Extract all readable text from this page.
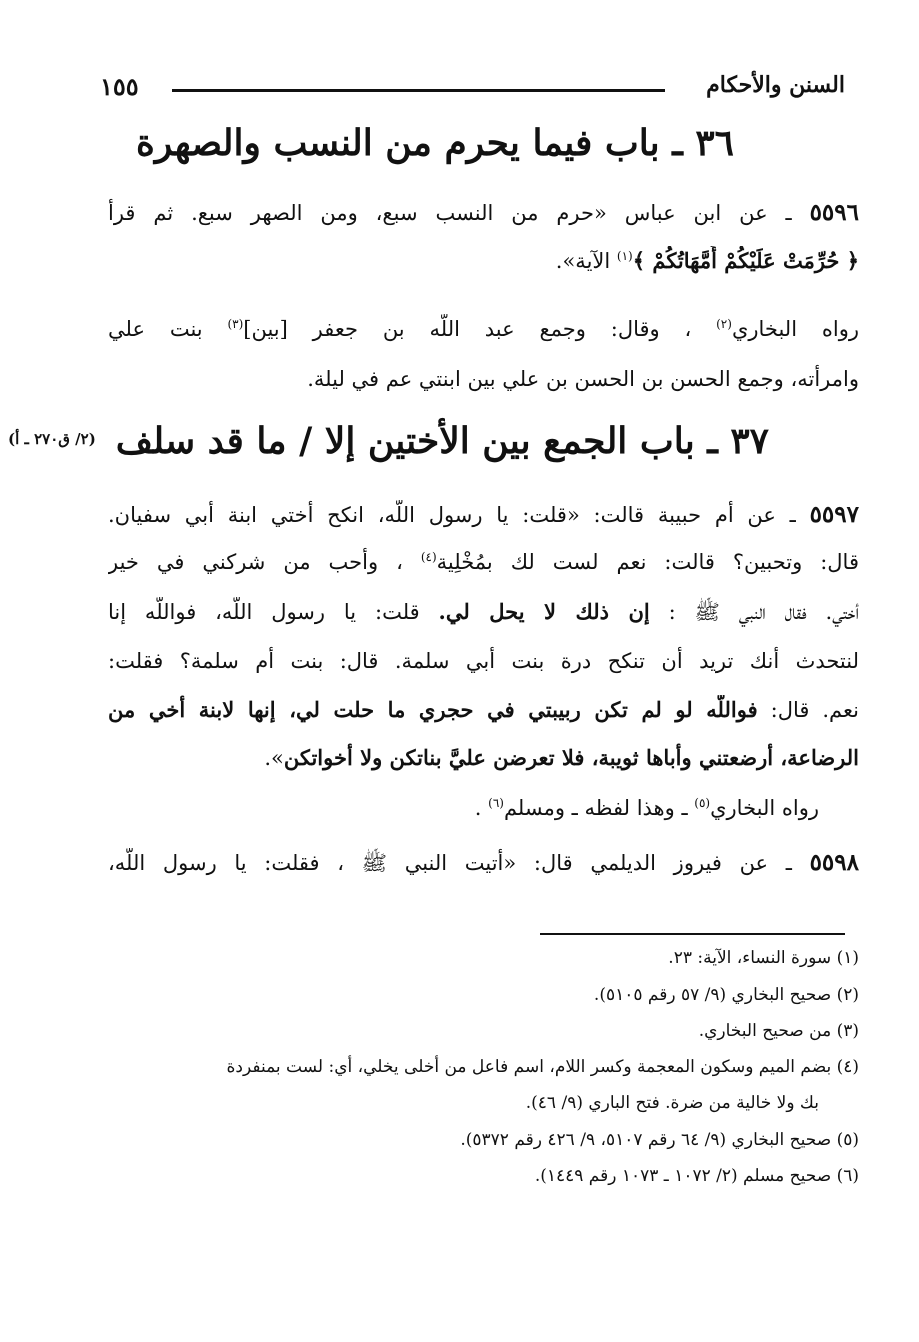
السنن والأحكام
١٥٥
٣٦ ـ باب فيما يحرم من النسب والصهرة
٥٥٩٦ ـ عن ابن عباس «حرم من النسب سبع، ومن الصهر سبع. ثم قرأ
﴿ حُرِّمَتْ عَلَيْكُمْ أُمَّهَاتُكُمْ ﴾$^{(١)}$ الآية».
رواه البخاري$^{(٢)}$ ، وقال: وجمع عبد اللَّه بن جعفر [بين]$^{(٣)}$ بنت علي
وامرأته، وجمع الحسن بن الحسن بن علي بين ابنتي عم في ليلة.
٣٧ ـ باب الجمع بين الأختين إلا / ما قد سلف
(٢/ ق٢٧٠ ـ أ)
٥٥٩٧ ـ عن أم حبيبة قالت: «قلت: يا رسول اللَّه، انكح أختي ابنة أبي سفيان.
قال: وتحبين؟ قالت: نعم لست لك بمُخْلِية$^{(٤)}$ ، وأحب من شركني في خير
أختي. فقال النبي ﷺ : إن ذلك لا يحل لي. قلت: يا رسول اللَّه، فواللَّه إنا
لنتحدث أنك تريد أن تنكح درة بنت أبي سلمة. قال: بنت أم سلمة؟ فقلت:
نعم. قال: فواللَّه لو لم تكن ربيبتي في حجري ما حلت لي، إنها لابنة أخي من
الرضاعة، أرضعتني وأباها ثويبة، فلا تعرضن عليَّ بناتكن ولا أخواتكن».
رواه البخاري$^{(٥)}$ ـ وهذا لفظه ـ ومسلم$^{(٦)}$ .
٥٥٩٨ ـ عن فيروز الديلمي قال: «أتيت النبي ﷺ ، فقلت: يا رسول اللَّه،
(١) سورة النساء، الآية: ٢٣.
(٢) صحيح البخاري (٩/ ٥٧ رقم ٥١٠٥).
(٣) من صحيح البخاري.
(٤) بضم الميم وسكون المعجمة وكسر اللام، اسم فاعل من أخلى يخلي، أي: لست بمنفردة
بك ولا خالية من ضرة. فتح الباري (٩/ ٤٦).
(٥) صحيح البخاري (٩/ ٦٤ رقم ٥١٠٧، ٩/ ٤٢٦ رقم ٥٣٧٢).
(٦) صحيح مسلم (٢/ ١٠٧٢ ـ ١٠٧٣ رقم ١٤٤٩).
